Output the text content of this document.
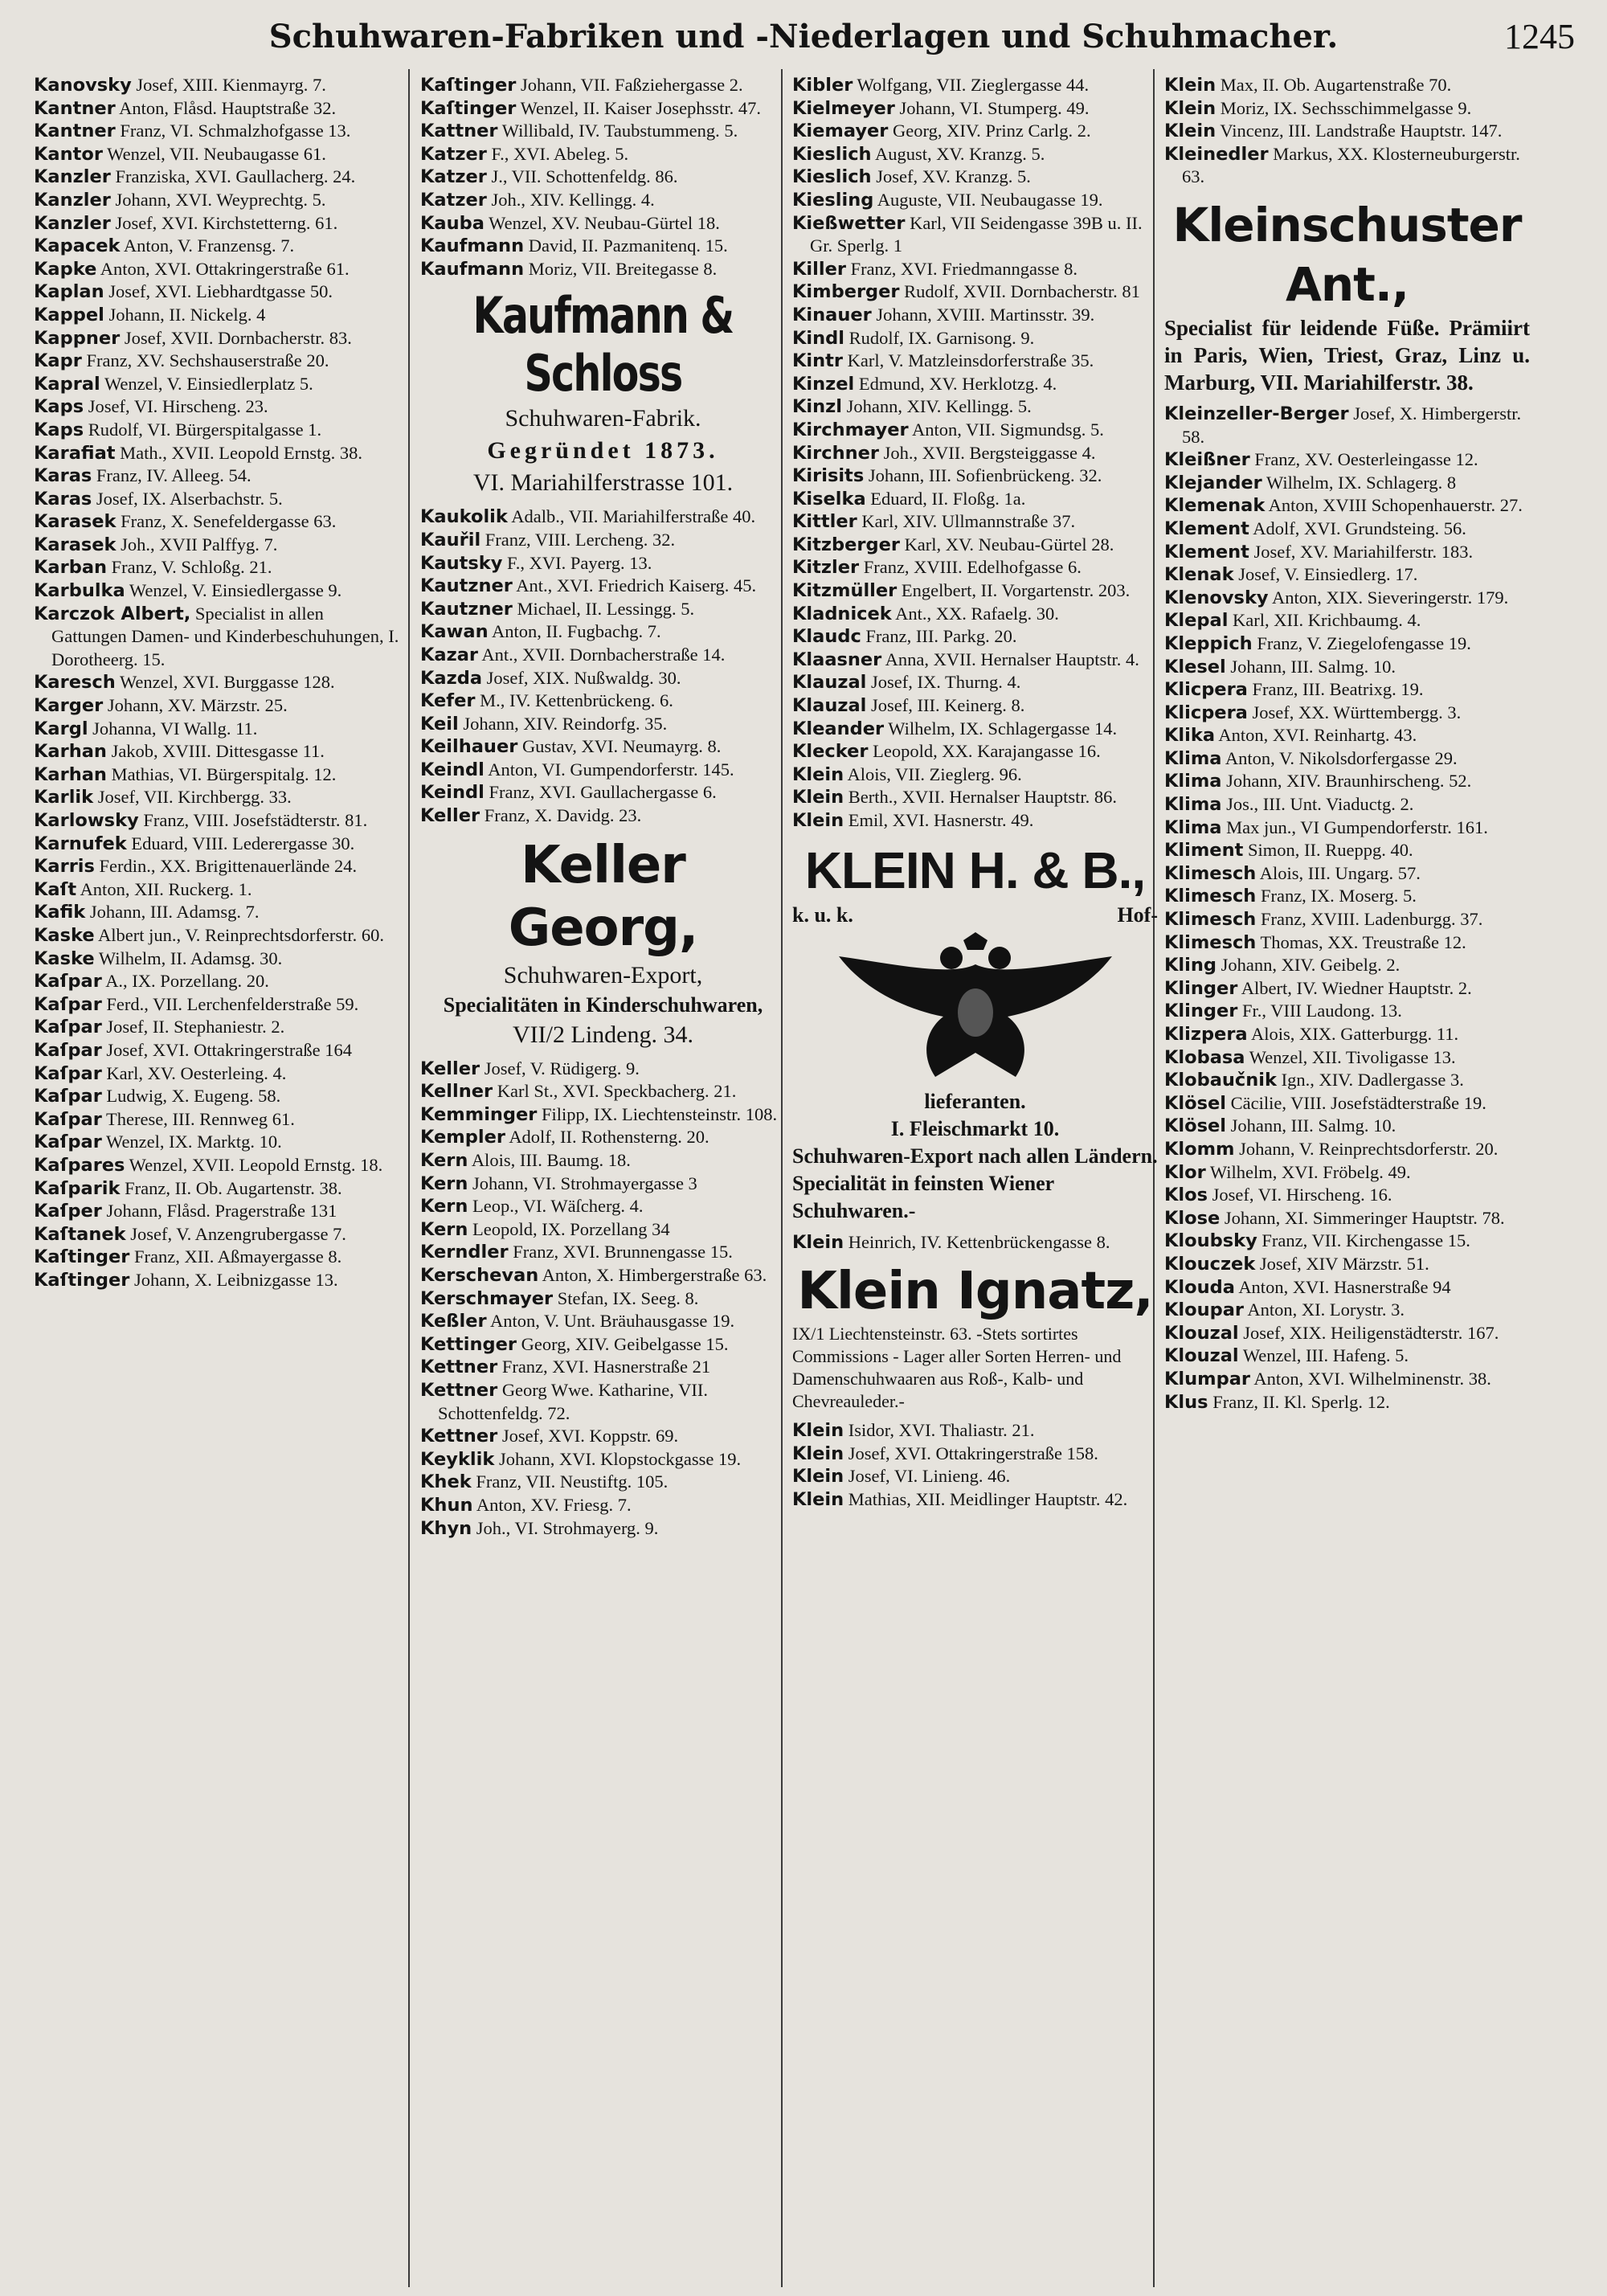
Schuhwaren-Fabriken und -Niederlagen und Schuhmacher.	1245
Kanovsky Josef, XIII. Kienmayrg. 7.
Kantner Anton, Flåsd. Hauptstraße 32.
Kantner Franz, VI. Schmalzhofgasse 13.
Kantor Wenzel, VII. Neubaugasse 61.
Kanzler Franziska, XVI. Gaullacherg. 24.
Kanzler Johann, XVI. Weyprechtg. 5.
Kanzler Josef, XVI. Kirchstetterng. 61.
Kapacek Anton, V. Franzensg. 7.
Kapke Anton, XVI. Ottakringerstraße 61.
Kaplan Josef, XVI. Liebhardtgasse 50.
Kappel Johann, II. Nickelg. 4
Kappner Josef, XVII. Dornbacherstr. 83.
Kapr Franz, XV. Sechshauserstraße 20.
Kapral Wenzel, V. Einsiedlerplatz 5.
Kaps Josef, VI. Hirscheng. 23.
Kaps Rudolf, VI. Bürgerspitalgasse 1.
Karafiat Math., XVII. Leopold Ernstg. 38.
Karas Franz, IV. Alleeg. 54.
Karas Josef, IX. Alserbachstr. 5.
Karasek Franz, X. Senefeldergasse 63.
Karasek Joh., XVII Palffyg. 7.
Karban Franz, V. Schloßg. 21.
Karbulka Wenzel, V. Einsiedlergasse 9.
Karczok Albert, Specialist in allen Gattungen Damen- und Kinderbeschuhungen, I. Dorotheerg. 15.
Karesch Wenzel, XVI. Burggasse 128.
Karger Johann, XV. Märzstr. 25.
Kargl Johanna, VI Wallg. 11.
Karhan Jakob, XVIII. Dittesgasse 11.
Karhan Mathias, VI. Bürgerspitalg. 12.
Karlik Josef, VII. Kirchbergg. 33.
Karlowsky Franz, VIII. Josefstädterstr. 81.
Karnufek Eduard, VIII. Lederergasse 30.
Karris Ferdin., XX. Brigittenauerlände 24.
Kaſt Anton, XII. Ruckerg. 1.
Kafik Johann, III. Adamsg. 7.
Kaske Albert jun., V. Reinprechtsdorferstr. 60.
Kaske Wilhelm, II. Adamsg. 30.
Kaſpar A., IX. Porzellang. 20.
Kaſpar Ferd., VII. Lerchenfelderstraße 59.
Kaſpar Josef, II. Stephaniestr. 2.
Kaſpar Josef, XVI. Ottakringerstraße 164
Kaſpar Karl, XV. Oesterleing. 4.
Kaſpar Ludwig, X. Eugeng. 58.
Kaſpar Therese, III. Rennweg 61.
Kaſpar Wenzel, IX. Marktg. 10.
Kaſpares Wenzel, XVII. Leopold Ernstg. 18.
Kaſparik Franz, II. Ob. Augartenstr. 38.
Kaſper Johann, Flåsd. Pragerstraße 131
Kaſtanek Josef, V. Anzengrubergasse 7.
Kaſtinger Franz, XII. Aßmayergasse 8.
Kaſtinger Johann, X. Leibnizgasse 13.
Kaſtinger Johann, VII. Faßziehergasse 2.
Kaſtinger Wenzel, II. Kaiser Josephsstr. 47.
Kattner Willibald, IV. Taubstummeng. 5.
Katzer F., XVI. Abeleg. 5.
Katzer J., VII. Schottenfeldg. 86.
Katzer Joh., XIV. Kellingg. 4.
Kauba Wenzel, XV. Neubau-Gürtel 18.
Kaufmann David, II. Pazmanitenq. 15.
Kaufmann Moriz, VII. Breitegasse 8.
Kaufmann & Schloss
Schuhwaren-Fabrik.
Gegründet 1873.
VI. Mariahilferstrasse 101.
Kaukolik Adalb., VII. Mariahilferstraße 40.
Kauřil Franz, VIII. Lercheng. 32.
Kautsky F., XVI. Payerg. 13.
Kautzner Ant., XVI. Friedrich Kaiserg. 45.
Kautzner Michael, II. Lessingg. 5.
Kawan Anton, II. Fugbachg. 7.
Kazar Ant., XVII. Dornbacherstraße 14.
Kazda Josef, XIX. Nußwaldg. 30.
Kefer M., IV. Kettenbrückeng. 6.
Keil Johann, XIV. Reindorfg. 35.
Keilhauer Gustav, XVI. Neumayrg. 8.
Keindl Anton, VI. Gumpendorferstr. 145.
Keindl Franz, XVI. Gaullachergasse 6.
Keller Franz, X. Davidg. 23.
Keller Georg,
Schuhwaren-Export,
Specialitäten in Kinderschuhwaren,
VII/2 Lindeng. 34.
Keller Josef, V. Rüdigerg. 9.
Kellner Karl St., XVI. Speckbacherg. 21.
Kemminger Filipp, IX. Liechtensteinstr. 108.
Kempler Adolf, II. Rothensterng. 20.
Kern Alois, III. Baumg. 18.
Kern Johann, VI. Strohmayergasse 3
Kern Leop., VI. Wäſcherg. 4.
Kern Leopold, IX. Porzellang 34
Kerndler Franz, XVI. Brunnengasse 15.
Kerschevan Anton, X. Himbergerstraße 63.
Kerschmayer Stefan, IX. Seeg. 8.
Keßler Anton, V. Unt. Bräuhausgasse 19.
Kettinger Georg, XIV. Geibelgasse 15.
Kettner Franz, XVI. Hasnerstraße 21
Kettner Georg Wwe. Katharine, VII. Schottenfeldg. 72.
Kettner Josef, XVI. Koppstr. 69.
Keyklik Johann, XVI. Klopstockgasse 19.
Khek Franz, VII. Neustiftg. 105.
Khun Anton, XV. Friesg. 7.
Khyn Joh., VI. Strohmayerg. 9.
Kibler Wolfgang, VII. Zieglergasse 44.
Kielmeyer Johann, VI. Stumperg. 49.
Kiemayer Georg, XIV. Prinz Carlg. 2.
Kieslich August, XV. Kranzg. 5.
Kieslich Josef, XV. Kranzg. 5.
Kiesling Auguste, VII. Neubaugasse 19.
Kießwetter Karl, VII Seidengasse 39B u. II. Gr. Sperlg. 1
Killer Franz, XVI. Friedmanngasse 8.
Kimberger Rudolf, XVII. Dornbacherstr. 81
Kinauer Johann, XVIII. Martinsstr. 39.
Kindl Rudolf, IX. Garnisong. 9.
Kintr Karl, V. Matzleinsdorferstraße 35.
Kinzel Edmund, XV. Herklotzg. 4.
Kinzl Johann, XIV. Kellingg. 5.
Kirchmayer Anton, VII. Sigmundsg. 5.
Kirchner Joh., XVII. Bergsteiggasse 4.
Kirisits Johann, III. Sofienbrückeng. 32.
Kiselka Eduard, II. Floßg. 1a.
Kittler Karl, XIV. Ullmannstraße 37.
Kitzberger Karl, XV. Neubau-Gürtel 28.
Kitzler Franz, XVIII. Edelhofgasse 6.
Kitzmüller Engelbert, II. Vorgartenstr. 203.
Kladnicek Ant., XX. Rafaelg. 30.
Klaudc Franz, III. Parkg. 20.
Klaasner Anna, XVII. Hernalser Hauptstr. 4.
Klauzal Josef, IX. Thurng. 4.
Klauzal Josef, III. Keinerg. 8.
Kleander Wilhelm, IX. Schlagergasse 14.
Klecker Leopold, XX. Karajangasse 16.
Klein Alois, VII. Zieglerg. 96.
Klein Berth., XVII. Hernalser Hauptstr. 86.
Klein Emil, XVI. Hasnerstr. 49.
KLEIN H. & B.,
k. u. k.	Hof-
lieferanten.
I. Fleischmarkt 10.
Schuhwaren-Export nach allen Ländern. Specialität in feinsten Wiener Schuhwaren.-
Klein Heinrich, IV. Kettenbrückengasse 8.
Klein Ignatz,
IX/1 Liechtensteinstr. 63. -Stets sortirtes Commissions - Lager aller Sorten Herren- und Damenschuhwaaren aus Roß-, Kalb- und Chevreauleder.-
Klein Isidor, XVI. Thaliastr. 21.
Klein Josef, XVI. Ottakringerstraße 158.
Klein Josef, VI. Linieng. 46.
Klein Mathias, XII. Meidlinger Hauptstr. 42.
Klein Max, II. Ob. Augartenstraße 70.
Klein Moriz, IX. Sechsschimmelgasse 9.
Klein Vincenz, III. Landstraße Hauptstr. 147.
Kleinedler Markus, XX. Klosterneuburgerstr. 63.
Kleinschuster Ant.,
Specialist für leidende Füße. Prämiirt in Paris, Wien, Triest, Graz, Linz u. Marburg, VII. Mariahilferstr. 38.
Kleinzeller-Berger Josef, X. Himbergerstr. 58.
Kleißner Franz, XV. Oesterleingasse 12.
Klejander Wilhelm, IX. Schlagerg. 8
Klemenak Anton, XVIII Schopenhauerstr. 27.
Klement Adolf, XVI. Grundsteing. 56.
Klement Josef, XV. Mariahilferstr. 183.
Klenak Josef, V. Einsiedlerg. 17.
Klenovsky Anton, XIX. Sieveringerstr. 179.
Klepal Karl, XII. Krichbaumg. 4.
Kleppich Franz, V. Ziegelofengasse 19.
Klesel Johann, III. Salmg. 10.
Klicpera Franz, III. Beatrixg. 19.
Klicpera Josef, XX. Württembergg. 3.
Klika Anton, XVI. Reinhartg. 43.
Klima Anton, V. Nikolsdorfergasse 29.
Klima Johann, XIV. Braunhirscheng. 52.
Klima Jos., III. Unt. Viaductg. 2.
Klima Max jun., VI Gumpendorferstr. 161.
Kliment Simon, II. Rueppg. 40.
Klimesch Alois, III. Ungarg. 57.
Klimesch Franz, IX. Moserg. 5.
Klimesch Franz, XVIII. Ladenburgg. 37.
Klimesch Thomas, XX. Treustraße 12.
Kling Johann, XIV. Geibelg. 2.
Klinger Albert, IV. Wiedner Hauptstr. 2.
Klinger Fr., VIII Laudong. 13.
Klizpera Alois, XIX. Gatterburgg. 11.
Klobasa Wenzel, XII. Tivoligasse 13.
Klobaučnik Ign., XIV. Dadlergasse 3.
Klösel Cäcilie, VIII. Josefstädterstraße 19.
Klösel Johann, III. Salmg. 10.
Klomm Johann, V. Reinprechtsdorferstr. 20.
Klor Wilhelm, XVI. Fröbelg. 49.
Klos Josef, VI. Hirscheng. 16.
Klose Johann, XI. Simmeringer Hauptstr. 78.
Kloubsky Franz, VII. Kirchengasse 15.
Klouczek Josef, XIV Märzstr. 51.
Klouda Anton, XVI. Hasnerstraße 94
Kloupar Anton, XI. Lorystr. 3.
Klouzal Josef, XIX. Heiligenstädterstr. 167.
Klouzal Wenzel, III. Hafeng. 5.
Klumpar Anton, XVI. Wilhelminenstr. 38.
Klus Franz, II. Kl. Sperlg. 12.
